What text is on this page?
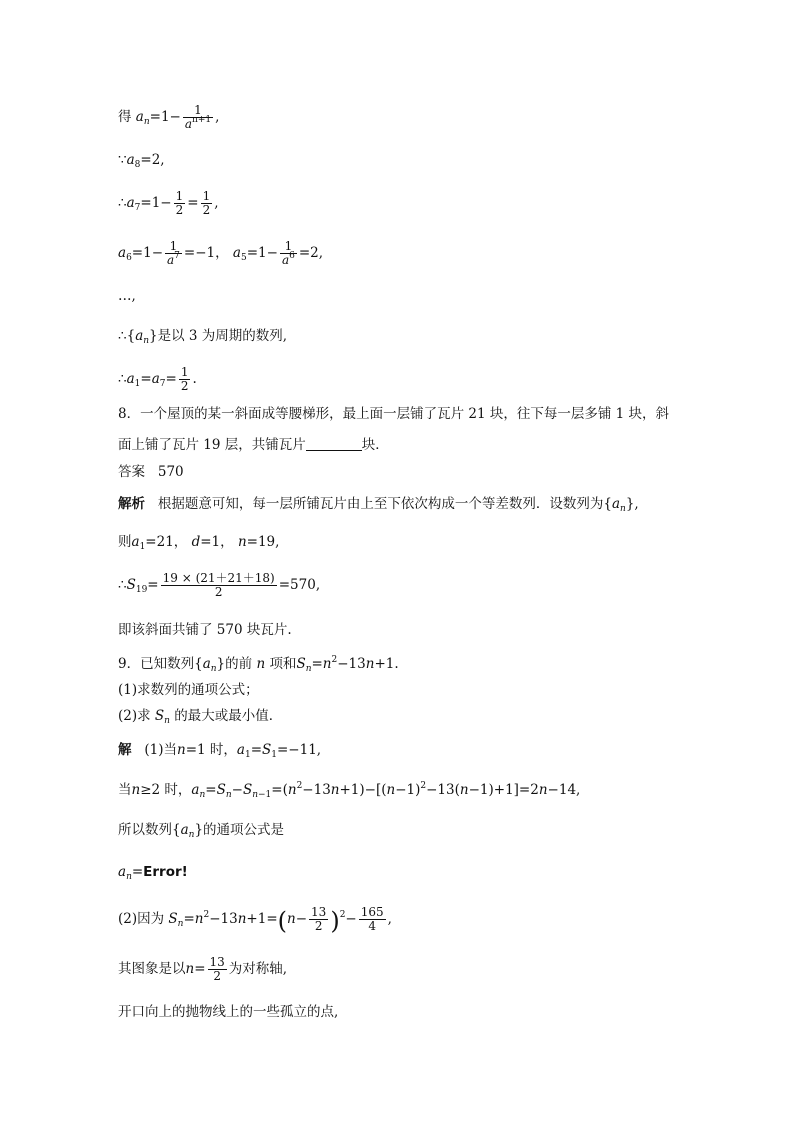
得 $a_n=1- \frac{1}{a^{n+1}}$ ,
$\because a_8=2$,
$\therefore a_7=1- \frac{1}{2} = \frac{1}{2}$ ,
$a_6=1- \frac{1}{a^7} =-1$， $a_5=1- \frac{1}{a^6} =2$,
…,
$\therefore\{a_n\}$是以 3 为周期的数列,
$\therefore a_1=a_7= \frac{1}{2}$ .
8．一个屋顶的某一斜面成等腰梯形，最上面一层铺了瓦片 21 块，往下每一层多铺 1 块，斜
面上铺了瓦片 19 层，共铺瓦片	块．
答案 570
解析 根据题意可知，每一层所铺瓦片由上至下依次构成一个等差数列．设数列为$\{a_n\}$,
则$a_1=21$， d=1， n=19,
$\therefore S_{19}= \frac{19 \times (21+21+18)}{2} =570$,
即该斜面共铺了 570 块瓦片.
9．已知数列$\{a_n\}$的前 n 项和$S_n=n^2-13n+1$.
(1)求数列的通项公式；
(2)求 $S_n$ 的最大或最小值．
解 (1)当n=1 时，$a_1=S_1=-11$,
当n≥2 时，$a_n=S_n-S_{n-1}=(n^2-13n+1)-[(n-1)^2-13(n-1)+1]=2n-14$,
所以数列$\{a_n\}$的通项公式是
$a_n=Error$!
(2)因为 $S_n=n^2-13n+1=(n- \frac{13}{2} )^2- \frac{165}{4}$ ,
其图象是以$n= \frac{13}{2}$ 为对称轴,
开口向上的抛物线上的一些孤立的点,
